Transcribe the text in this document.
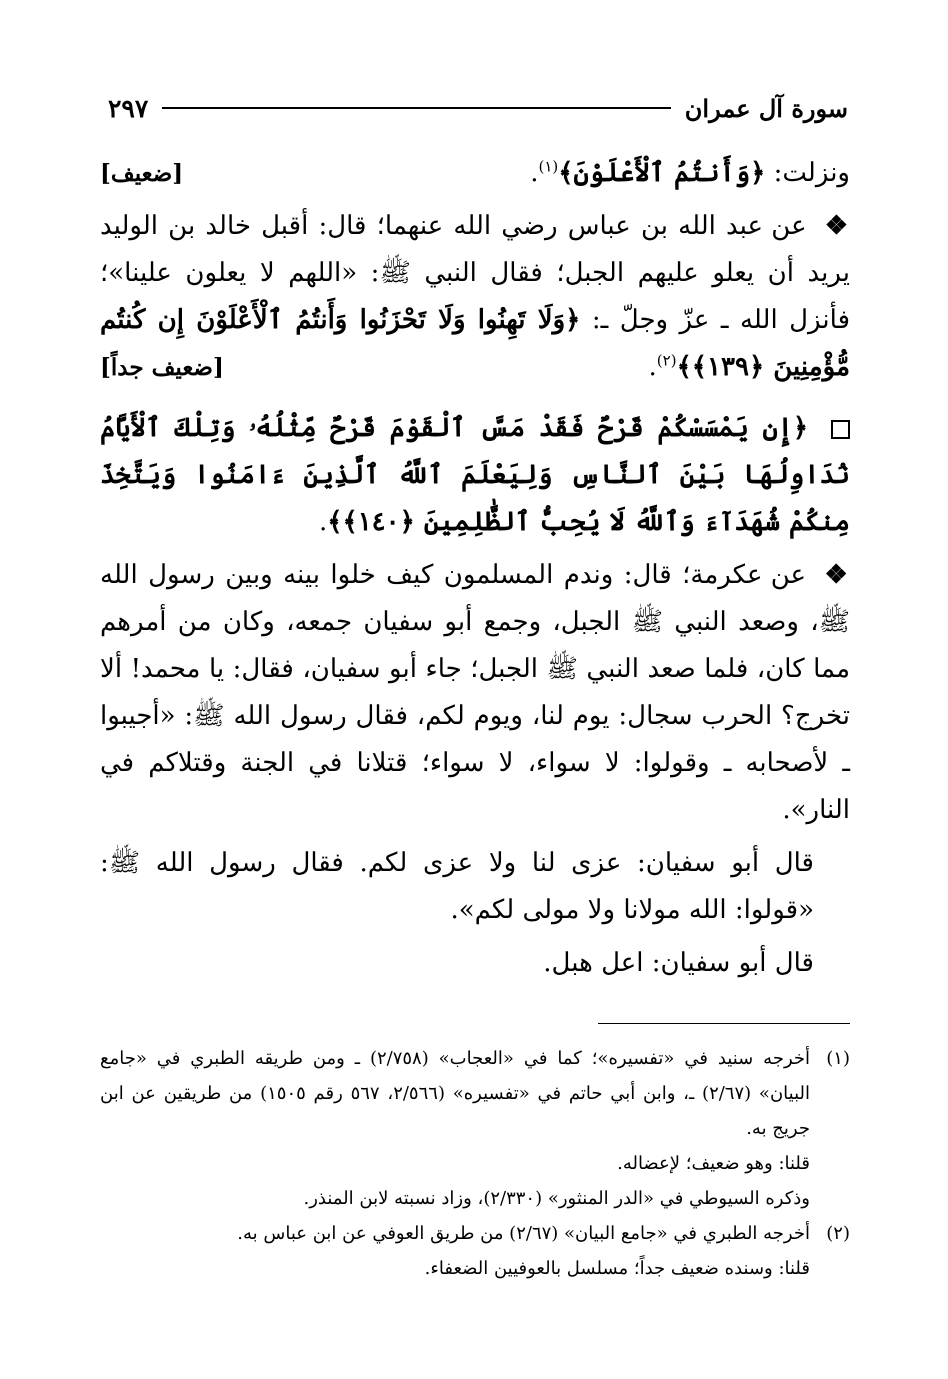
سورة آل عمران
٢٩٧

[ضعيف]	ونزلت: ﴿وَأَنتُمُ ٱلْأَعْلَوْنَ﴾$^{(١)}$.

❖ عن عبد الله بن عباس رضي الله عنهما؛ قال: أقبل خالد بن الوليد يريد أن يعلو عليهم الجبل؛ فقال النبي ﷺ: «اللهم لا يعلون علينا»؛ فأنزل الله ـ عزّ وجلّ ـ: ﴿وَلَا تَهِنُوا وَلَا تَحْزَنُوا وَأَنتُمُ ٱلْأَعْلَوْنَ إِن كُنتُم مُّؤْمِنِينَ ﴿١٣٩﴾﴾$^{(٢)}$.
[ضعيف جداً]

﴿إِن يَمْسَسْكُمْ قَرْحٌ فَقَدْ مَسَّ ٱلْقَوْمَ قَرْحٌ مِّثْلُهُۥ وَتِلْكَ ٱلْأَيَّامُ نُدَاوِلُهَا بَيْنَ ٱلنَّاسِ وَلِيَعْلَمَ ٱللَّهُ ٱلَّذِينَ ءَامَنُوا وَيَتَّخِذَ مِنكُمْ شُهَدَآءَ وَٱللَّهُ لَا يُحِبُّ ٱلظَّٰلِمِينَ ﴿١٤٠﴾﴾.

❖ عن عكرمة؛ قال: وندم المسلمون كيف خلوا بينه وبين رسول الله ﷺ، وصعد النبي ﷺ الجبل، وجمع أبو سفيان جمعه، وكان من أمرهم مما كان، فلما صعد النبي ﷺ الجبل؛ جاء أبو سفيان، فقال: يا محمد! ألا تخرج؟ الحرب سجال: يوم لنا، ويوم لكم، فقال رسول الله ﷺ: «أجيبوا ـ لأصحابه ـ وقولوا: لا سواء، لا سواء؛ قتلانا في الجنة وقتلاكم في النار».

قال أبو سفيان: عزى لنا ولا عزى لكم. فقال رسول الله ﷺ: «قولوا: الله مولانا ولا مولى لكم».

قال أبو سفيان: اعل هبل.

(١)

أخرجه سنيد في «تفسيره»؛ كما في «العجاب» (٢/٧٥٨) ـ ومن طريقه الطبري في «جامع البيان» (٢/٦٧) ـ، وابن أبي حاتم في «تفسيره» (٢/٥٦٦، ٥٦٧ رقم ١٥٠٥) من طريقين عن ابن جريج به.

قلنا: وهو ضعيف؛ لإعضاله.

وذكره السيوطي في «الدر المنثور» (٢/٣٣٠)، وزاد نسبته لابن المنذر.

(٢)

أخرجه الطبري في «جامع البيان» (٢/٦٧) من طريق العوفي عن ابن عباس به.

قلنا: وسنده ضعيف جداً؛ مسلسل بالعوفيين الضعفاء.
